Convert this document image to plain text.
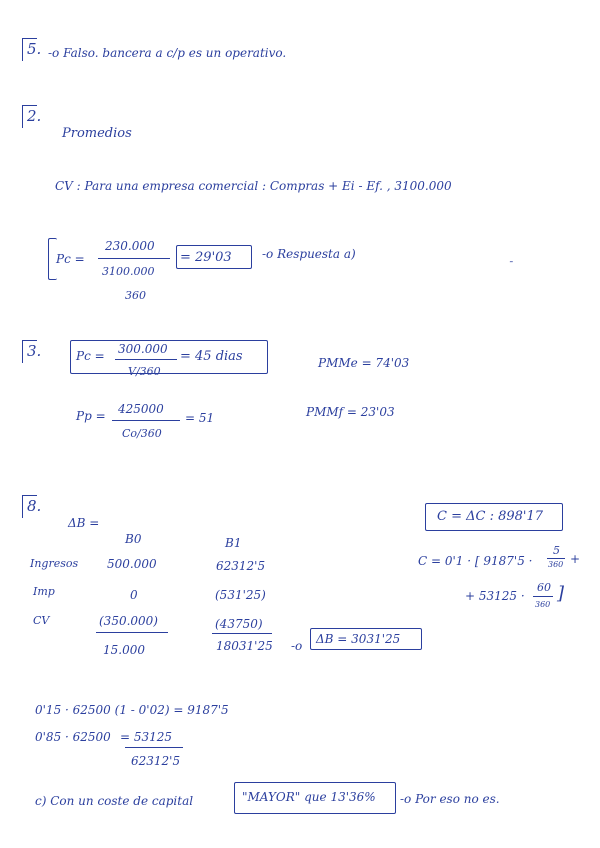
5. -o Falso. bancera a c/p es un operativo.
2.
Promedios
CV : Para una empresa comercial : Compras + Ei - Ef. , 3100.000
Pc =
230.000
3100.000
360
= 29'03	-o Respuesta a)
ˉ
3.	Pc = 300.000
V/360
= 45 dias	PMMe = 74'03
Pp = 425000
Co/360
= 51	PMMf = 23'03
8.
ΔB =
B0	B1
Ingresos 500.000	62312'5
Imp	0	(531'25)
CV	(350.000)	(43750)
15.000	18031'25 -o ΔB = 3031'25
C = ΔC : 898'17
C = 0'1 · [ 9187'5 ·
5
360 +
+ 53125 ·
60
360
]
0'15 · 62500 (1 - 0'02) = 9187'5
0'85 · 62500 = 53125
62312'5
c) Con un coste de capital	"MAYOR" que 13'36% -o Por eso no es.
